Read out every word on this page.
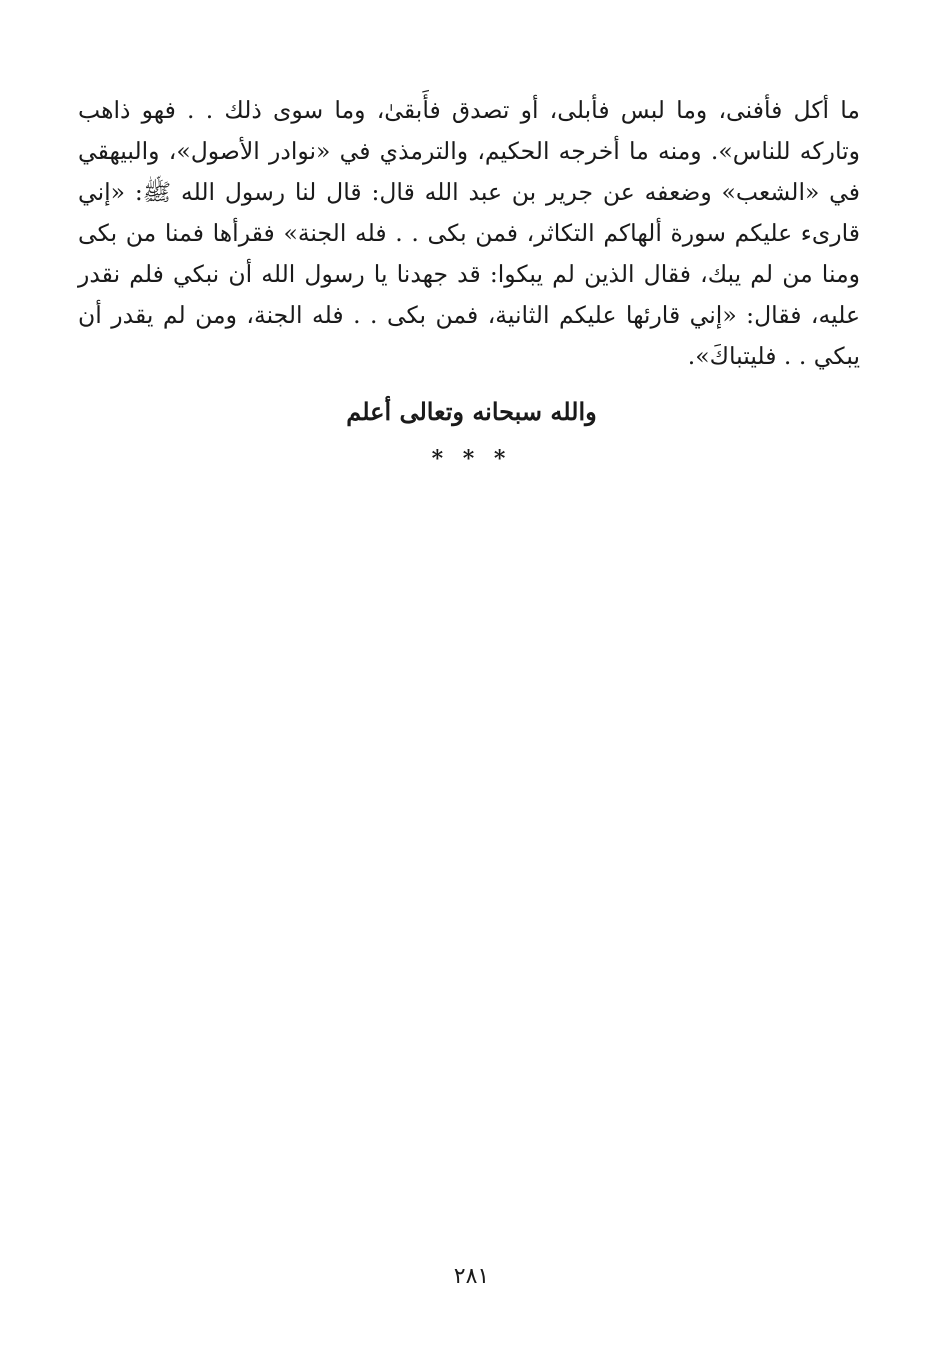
ما أكل فأفنى، وما لبس فأبلى، أو تصدق فأَبقىٰ، وما سوى ذلك . . فهو ذاهب وتاركه للناس». ومنه ما أخرجه الحكيم، والترمذي في «نوادر الأصول»، والبيهقي في «الشعب» وضعفه عن جرير بن عبد الله قال: قال لنا رسول الله ﷺ: «إني قارىء عليكم سورة ألهاكم التكاثر، فمن بكى . . فله الجنة» فقرأها فمنا من بكى ومنا من لم يبك، فقال الذين لم يبكوا: قد جهدنا يا رسول الله أن نبكي فلم نقدر عليه، فقال: «إني قارئها عليكم الثانية، فمن بكى . . فله الجنة، ومن لم يقدر أن يبكي . . فليتباكَ».

والله سبحانه وتعالى أعلم

* * *

٢٨١
